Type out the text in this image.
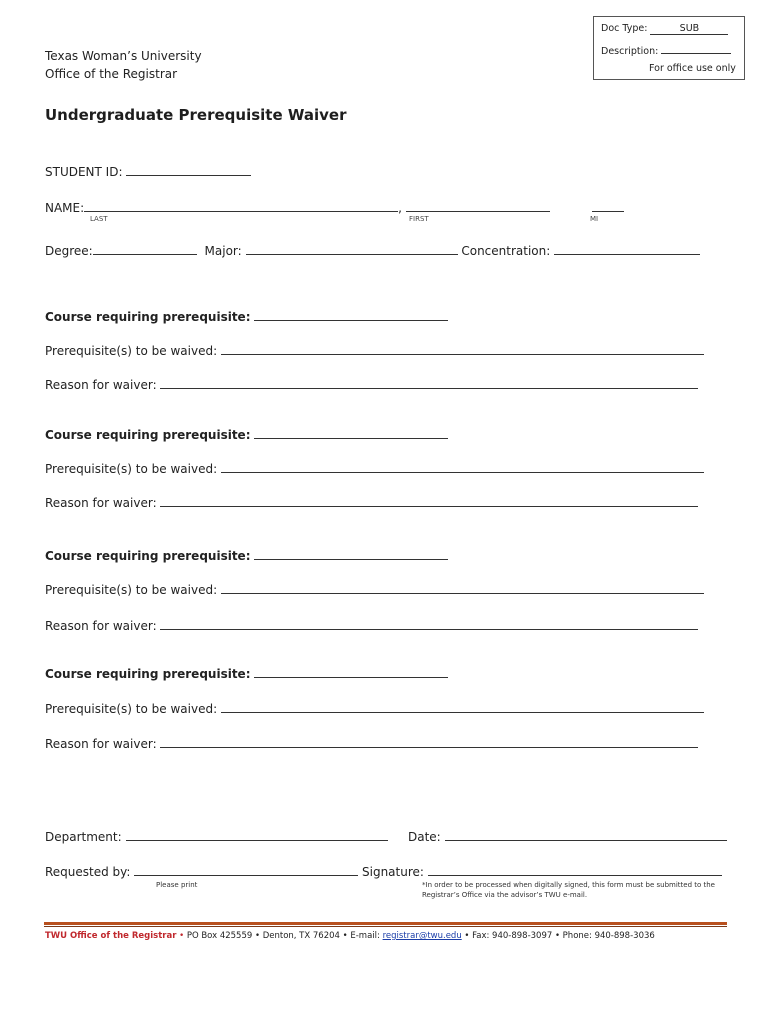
Doc Type:	SUB
Description:
For office use only
Texas Woman’s University
Office of the Registrar
Undergraduate Prerequisite Waiver
STUDENT ID:
NAME:	,
LAST	FIRST	MI
Degree:	Major:	Concentration:
Course requiring prerequisite:
Prerequisite(s) to be waived:
Reason for waiver:
Course requiring prerequisite:
Prerequisite(s) to be waived:
Reason for waiver:
Course requiring prerequisite:
Prerequisite(s) to be waived:
Reason for waiver:
Course requiring prerequisite:
Prerequisite(s) to be waived:
Reason for waiver:
Department:	Date:
Requested by:	Signature:
Please print	*In order to be processed when digitally signed, this form must be submitted to the
Registrar’s Office via the advisor’s TWU e-mail.
TWU Office of the Registrar • PO Box 425559 • Denton, TX 76204 • E-mail: registrar@twu.edu • Fax: 940-898-3097 • Phone: 940-898-3036
